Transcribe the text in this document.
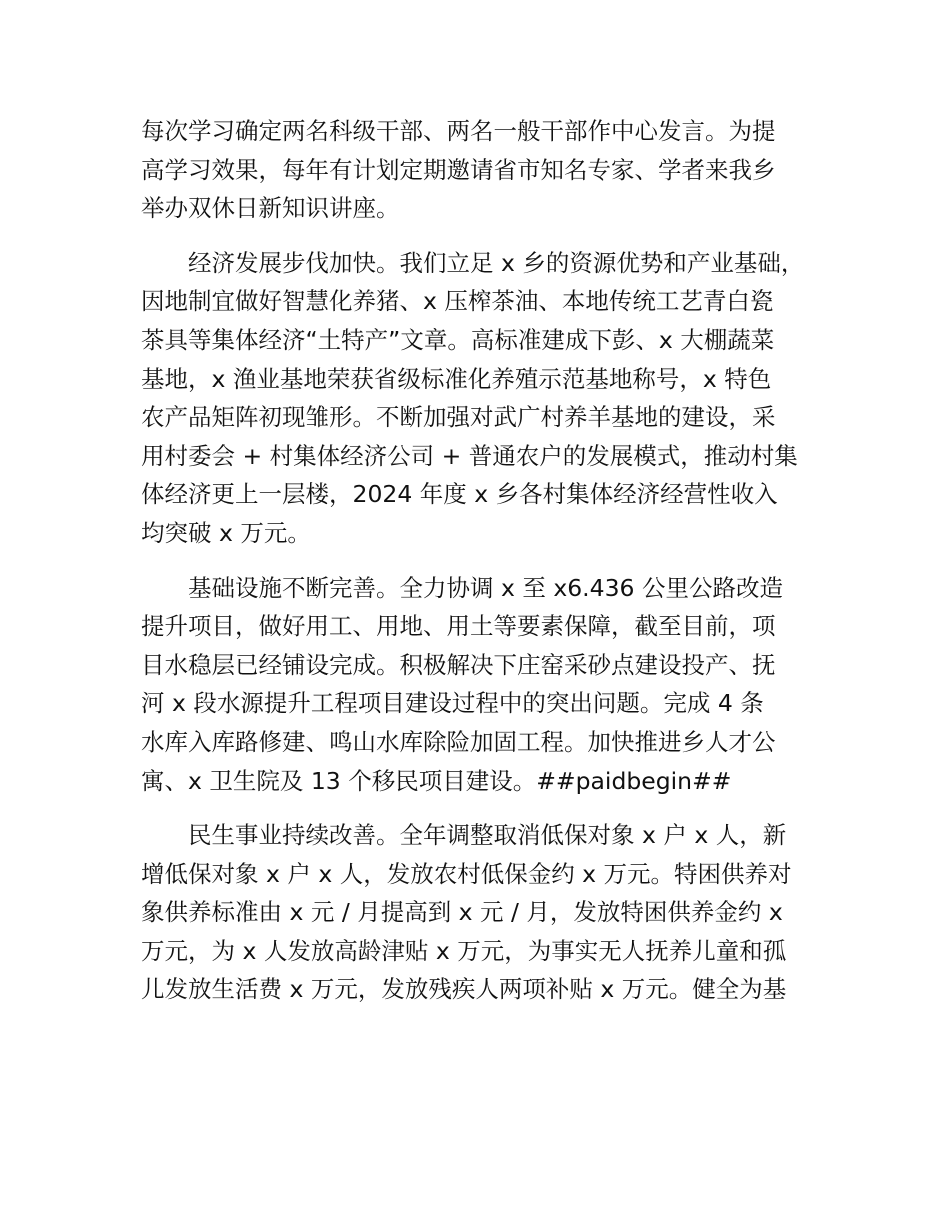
每次学习确定两名科级干部、两名一般干部作中心发言。为提
高学习效果，每年有计划定期邀请省市知名专家、学者来我乡
举办双休日新知识讲座。
经济发展步伐加快。我们立足 x 乡的资源优势和产业基础，
因地制宜做好智慧化养猪、x 压榨茶油、本地传统工艺青白瓷
茶具等集体经济“土特产”文章。高标准建成下彭、x 大棚蔬菜
基地，x 渔业基地荣获省级标准化养殖示范基地称号，x 特色
农产品矩阵初现雏形。不断加强对武广村养羊基地的建设，采
用村委会 + 村集体经济公司 + 普通农户的发展模式，推动村集
体经济更上一层楼，2024 年度 x 乡各村集体经济经营性收入
均突破 x 万元。
基础设施不断完善。全力协调 x 至 x6.436 公里公路改造
提升项目，做好用工、用地、用土等要素保障，截至目前，项
目水稳层已经铺设完成。积极解决下庄窑采砂点建设投产、抚
河 x 段水源提升工程项目建设过程中的突出问题。完成 4 条
水库入库路修建、鸣山水库除险加固工程。加快推进乡人才公
寓、x 卫生院及 13 个移民项目建设。##paidbegin##
民生事业持续改善。全年调整取消低保对象 x 户 x 人，新
增低保对象 x 户 x 人，发放农村低保金约 x 万元。特困供养对
象供养标准由 x 元 / 月提高到 x 元 / 月，发放特困供养金约 x
万元，为 x 人发放高龄津贴 x 万元，为事实无人抚养儿童和孤
儿发放生活费 x 万元，发放残疾人两项补贴 x 万元。健全为基
